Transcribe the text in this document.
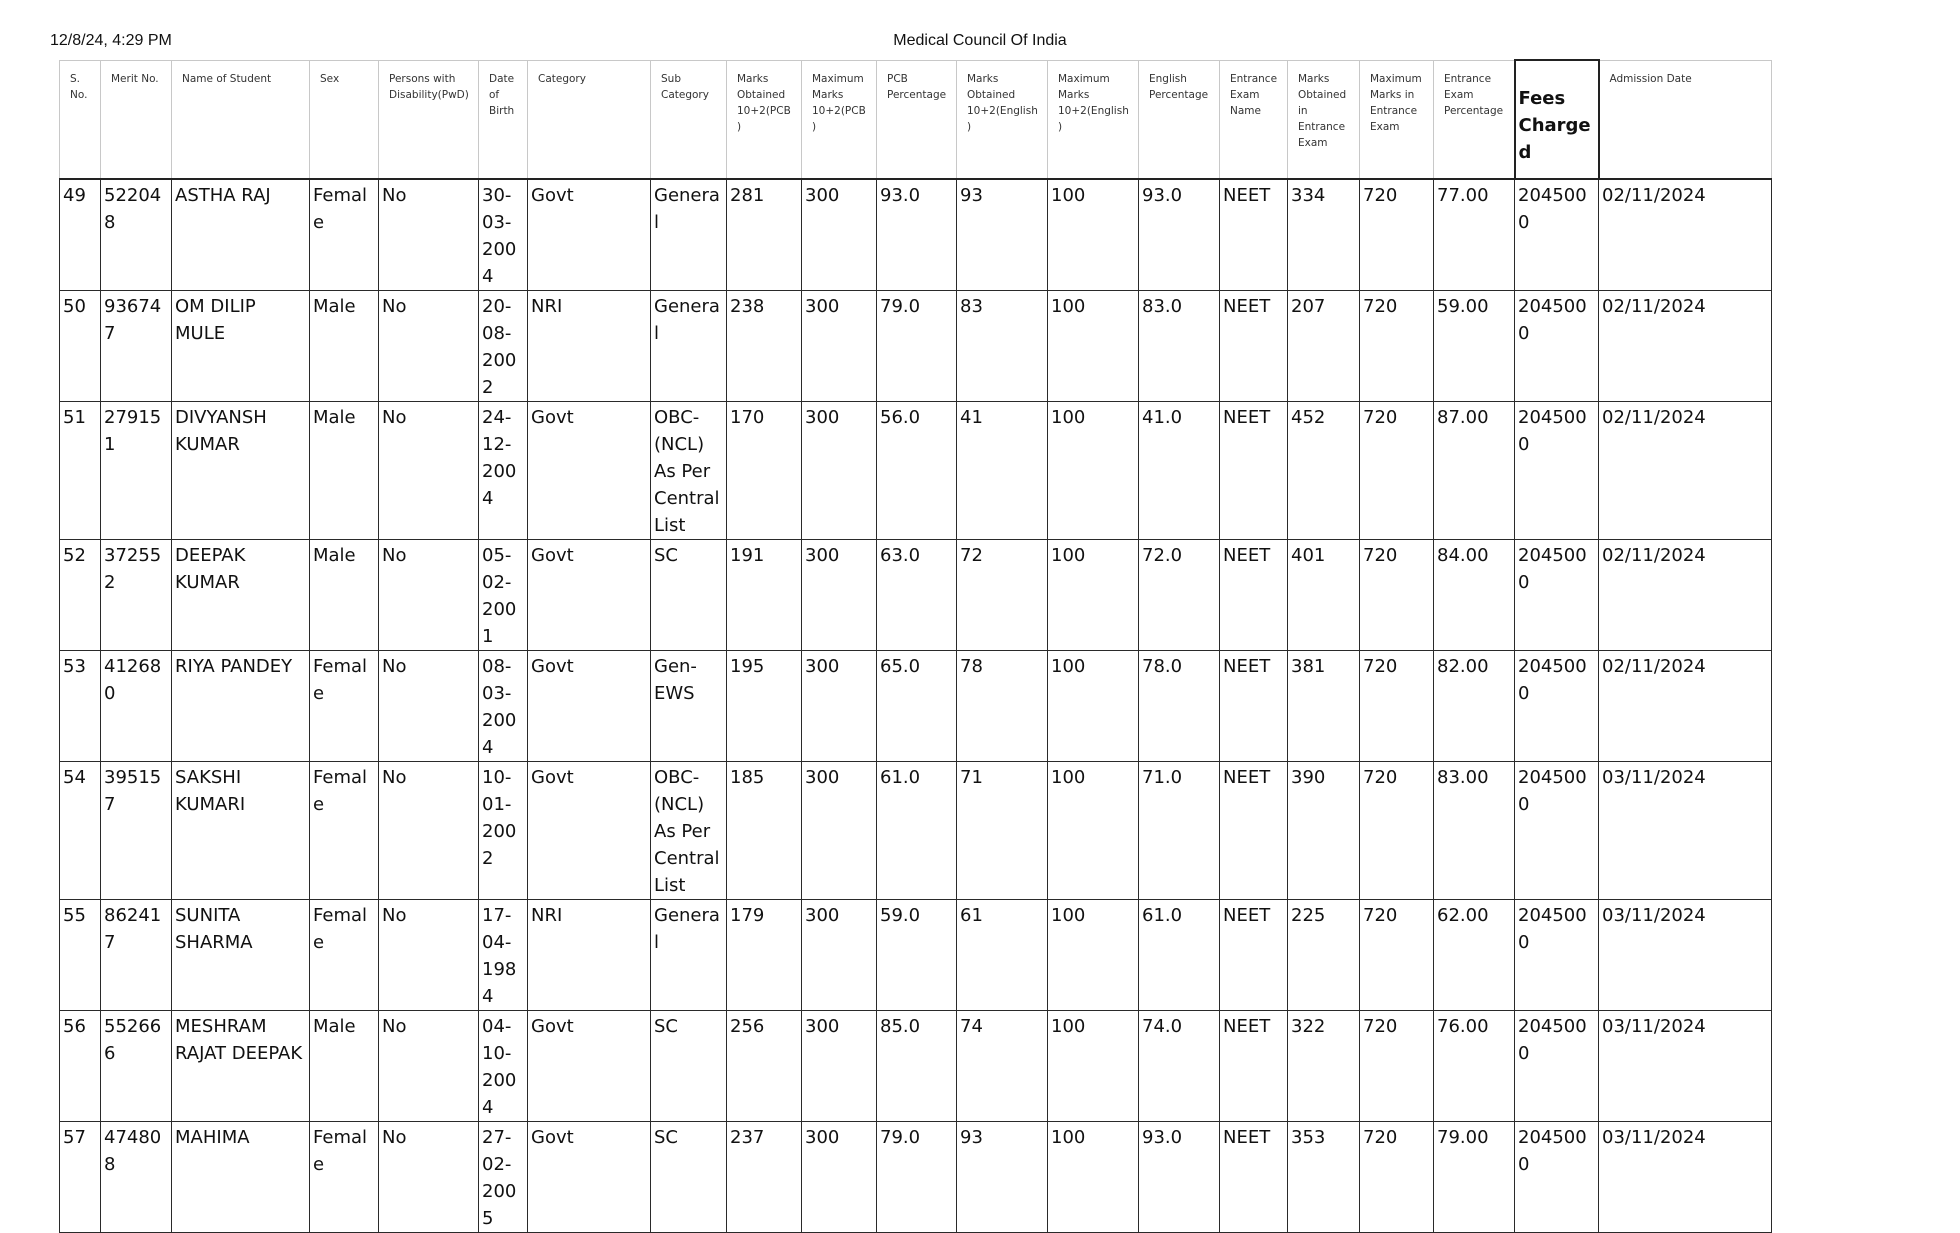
12/8/24, 4:29 PM	Medical Council Of India
S. No.	Merit No.	Name of Student	Sex	Persons with Disability(PwD)	Date of Birth	Category	Sub Category	Marks Obtained 10+2(PCB)	Maximum Marks 10+2(PCB)	PCB Percentage	Marks Obtained 10+2(English)	Maximum Marks 10+2(English)	English Percentage	Entrance Exam Name	Marks Obtained in Entrance Exam	Maximum Marks in Entrance Exam	Entrance Exam Percentage	Fees Charged	Admission Date
49	522048	ASTHA RAJ	Female	No	30-03-2004	Govt	General	281	300	93.0	93	100	93.0	NEET	334	720	77.00	2045000	02/11/2024
50	936747	OM DILIP MULE	Male	No	20-08-2002	NRI	General	238	300	79.0	83	100	83.0	NEET	207	720	59.00	2045000	02/11/2024
51	279151	DIVYANSH KUMAR	Male	No	24-12-2004	Govt	OBC-(NCL) As Per Central List	170	300	56.0	41	100	41.0	NEET	452	720	87.00	2045000	02/11/2024
52	372552	DEEPAK KUMAR	Male	No	05-02-2001	Govt	SC	191	300	63.0	72	100	72.0	NEET	401	720	84.00	2045000	02/11/2024
53	412680	RIYA PANDEY	Female	No	08-03-2004	Govt	Gen-EWS	195	300	65.0	78	100	78.0	NEET	381	720	82.00	2045000	02/11/2024
54	395157	SAKSHI KUMARI	Female	No	10-01-2002	Govt	OBC-(NCL) As Per Central List	185	300	61.0	71	100	71.0	NEET	390	720	83.00	2045000	03/11/2024
55	862417	SUNITA SHARMA	Female	No	17-04-1984	NRI	General	179	300	59.0	61	100	61.0	NEET	225	720	62.00	2045000	03/11/2024
56	552666	MESHRAM RAJAT DEEPAK	Male	No	04-10-2004	Govt	SC	256	300	85.0	74	100	74.0	NEET	322	720	76.00	2045000	03/11/2024
57	474808	MAHIMA	Female	No	27-02-2005	Govt	SC	237	300	79.0	93	100	93.0	NEET	353	720	79.00	2045000	03/11/2024
